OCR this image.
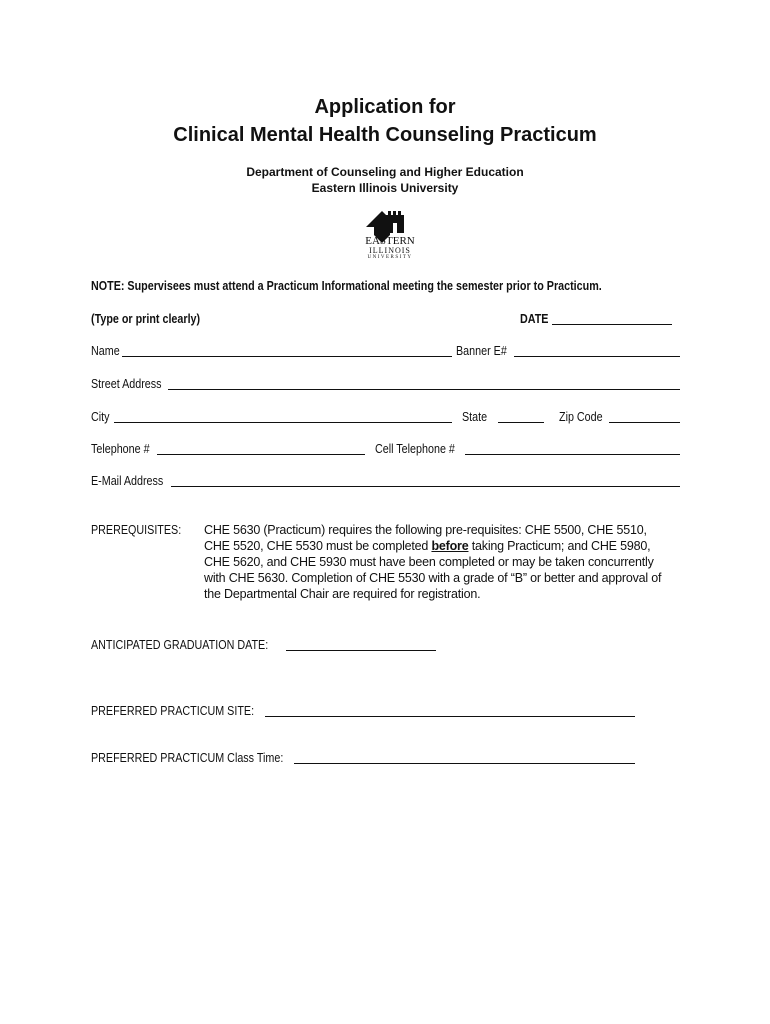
Application for
Clinical Mental Health Counseling Practicum
Department of Counseling and Higher Education
Eastern Illinois University
EASTERN
ILLINOIS
UNIVERSITY
NOTE: Supervisees must attend a Practicum Informational meeting the semester prior to Practicum.
(Type or print clearly)	DATE
Name	Banner E#
Street Address
City	State	Zip Code
Telephone #	Cell Telephone #
E-Mail Address
PREREQUISITES:	CHE 5630 (Practicum) requires the following pre-requisites: CHE 5500, CHE 5510, CHE 5520, CHE 5530 must be completed before taking Practicum; and CHE 5980, CHE 5620, and CHE 5930 must have been completed or may be taken concurrently with CHE 5630. Completion of CHE 5530 with a grade of “B” or better and approval of the Departmental Chair are required for registration.
ANTICIPATED GRADUATION DATE:
PREFERRED PRACTICUM SITE:
PREFERRED PRACTICUM Class Time:
